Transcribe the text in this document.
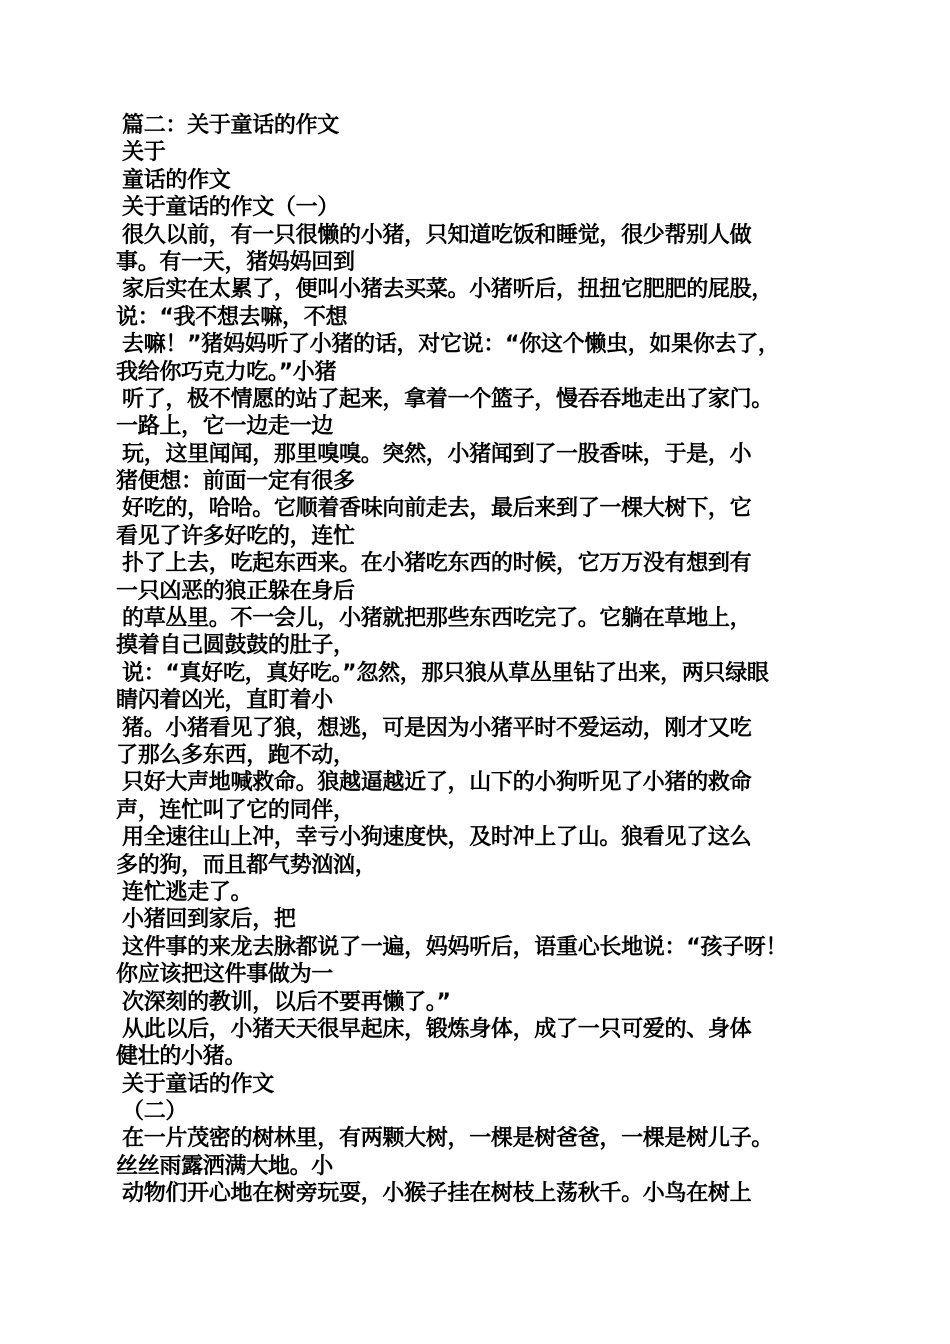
篇二：关于童话的作文
关于
童话的作文
关于童话的作文（一）
很久以前，有一只很懒的小猪，只知道吃饭和睡觉，很少帮别人做
事。有一天，猪妈妈回到
家后实在太累了，便叫小猪去买菜。小猪听后，扭扭它肥肥的屁股，
说：“我不想去嘛，不想
去嘛！”猪妈妈听了小猪的话，对它说：“你这个懒虫，如果你去了，
我给你巧克力吃。”小猪
听了，极不情愿的站了起来，拿着一个篮子，慢吞吞地走出了家门。
一路上，它一边走一边
玩，这里闻闻，那里嗅嗅。突然，小猪闻到了一股香味，于是，小
猪便想：前面一定有很多
好吃的，哈哈。它顺着香味向前走去，最后来到了一棵大树下，它
看见了许多好吃的，连忙
扑了上去，吃起东西来。在小猪吃东西的时候，它万万没有想到有
一只凶恶的狼正躲在身后
的草丛里。不一会儿，小猪就把那些东西吃完了。它躺在草地上，
摸着自己圆鼓鼓的肚子，
说：“真好吃，真好吃。”忽然，那只狼从草丛里钻了出来，两只绿眼
睛闪着凶光，直盯着小
猪。小猪看见了狼，想逃，可是因为小猪平时不爱运动，刚才又吃
了那么多东西，跑不动，
只好大声地喊救命。狼越逼越近了，山下的小狗听见了小猪的救命
声，连忙叫了它的同伴，
用全速往山上冲，幸亏小狗速度快，及时冲上了山。狼看见了这么
多的狗，而且都气势汹汹，
连忙逃走了。
小猪回到家后，把
这件事的来龙去脉都说了一遍，妈妈听后，语重心长地说：“孩子呀！
你应该把这件事做为一
次深刻的教训，以后不要再懒了。”
从此以后，小猪天天很早起床，锻炼身体，成了一只可爱的、身体
健壮的小猪。
关于童话的作文
（二）
在一片茂密的树林里，有两颗大树，一棵是树爸爸，一棵是树儿子。
丝丝雨露洒满大地。小
动物们开心地在树旁玩耍，小猴子挂在树枝上荡秋千。小鸟在树上
